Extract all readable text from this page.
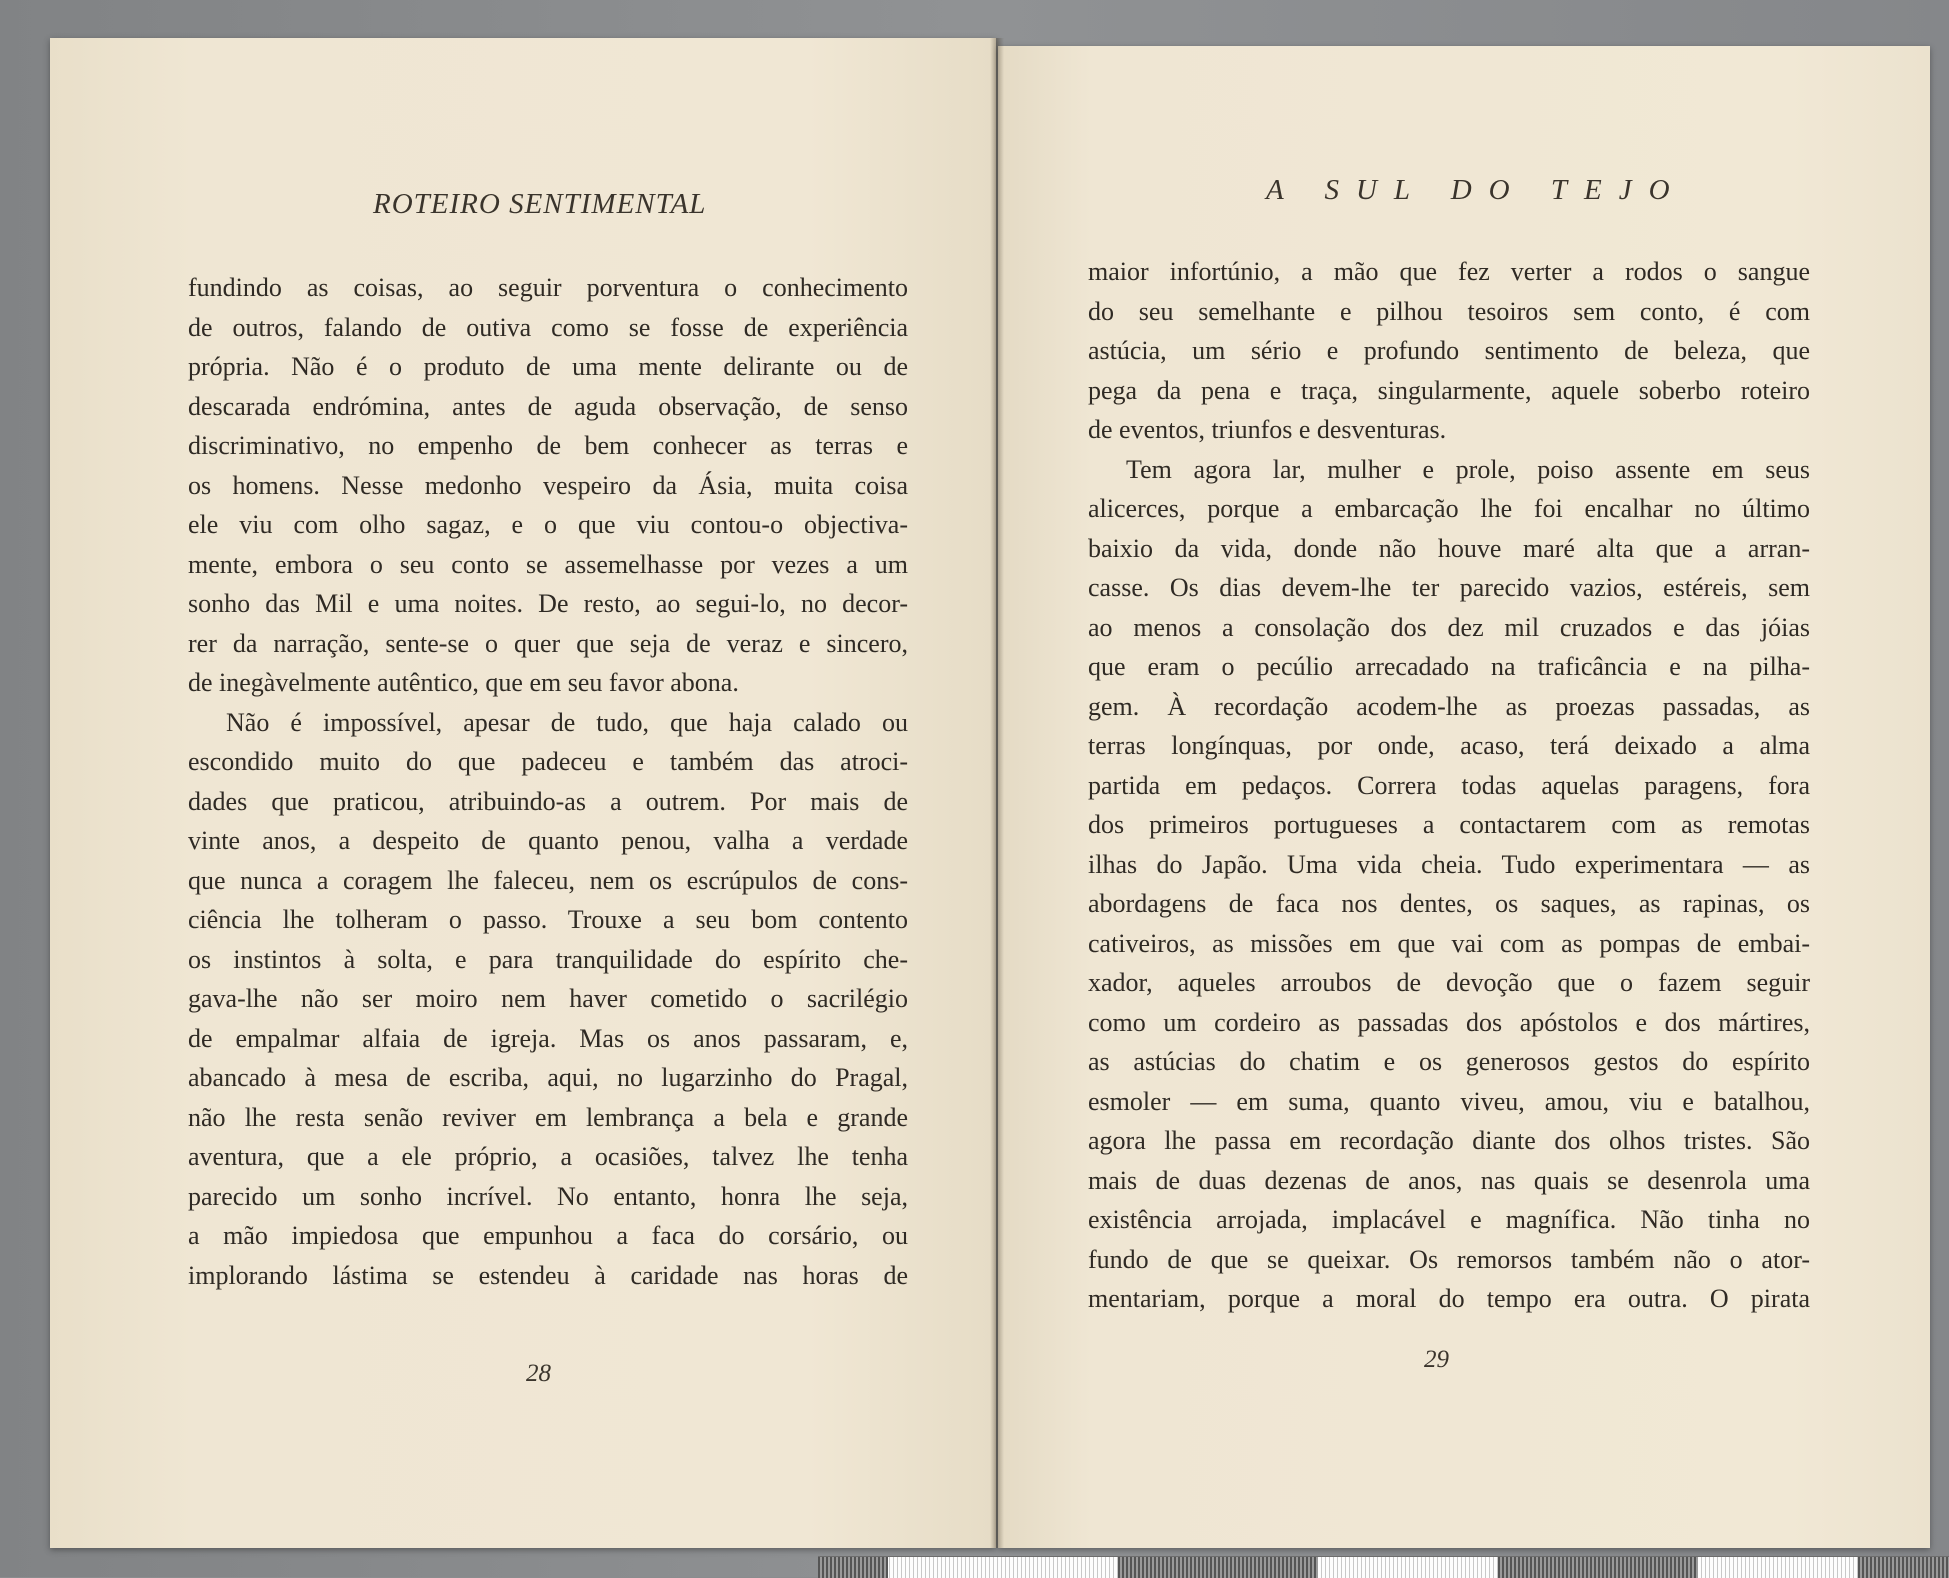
ROTEIRO SENTIMENTAL
fundindo as coisas, ao seguir porventura o conhecimento
de outros, falando de outiva como se fosse de experiência
própria. Não é o produto de uma mente delirante ou de
descarada endrómina, antes de aguda observação, de senso
discriminativo, no empenho de bem conhecer as terras e
os homens. Nesse medonho vespeiro da Ásia, muita coisa
ele viu com olho sagaz, e o que viu contou-o objectiva-
mente, embora o seu conto se assemelhasse por vezes a um
sonho das Mil e uma noites. De resto, ao segui-lo, no decor-
rer da narração, sente-se o quer que seja de veraz e sincero,
de inegàvelmente autêntico, que em seu favor abona.
Não é impossível, apesar de tudo, que haja calado ou
escondido muito do que padeceu e também das atroci-
dades que praticou, atribuindo-as a outrem. Por mais de
vinte anos, a despeito de quanto penou, valha a verdade
que nunca a coragem lhe faleceu, nem os escrúpulos de cons-
ciência lhe tolheram o passo. Trouxe a seu bom contento
os instintos à solta, e para tranquilidade do espírito che-
gava-lhe não ser moiro nem haver cometido o sacrilégio
de empalmar alfaia de igreja. Mas os anos passaram, e,
abancado à mesa de escriba, aqui, no lugarzinho do Pragal,
não lhe resta senão reviver em lembrança a bela e grande
aventura, que a ele próprio, a ocasiões, talvez lhe tenha
parecido um sonho incrível. No entanto, honra lhe seja,
a mão impiedosa que empunhou a faca do corsário, ou
implorando lástima se estendeu à caridade nas horas de
28
A SUL DO TEJO
maior infortúnio, a mão que fez verter a rodos o sangue
do seu semelhante e pilhou tesoiros sem conto, é com
astúcia, um sério e profundo sentimento de beleza, que
pega da pena e traça, singularmente, aquele soberbo roteiro
de eventos, triunfos e desventuras.
Tem agora lar, mulher e prole, poiso assente em seus
alicerces, porque a embarcação lhe foi encalhar no último
baixio da vida, donde não houve maré alta que a arran-
casse. Os dias devem-lhe ter parecido vazios, estéreis, sem
ao menos a consolação dos dez mil cruzados e das jóias
que eram o pecúlio arrecadado na traficância e na pilha-
gem. À recordação acodem-lhe as proezas passadas, as
terras longínquas, por onde, acaso, terá deixado a alma
partida em pedaços. Correra todas aquelas paragens, fora
dos primeiros portugueses a contactarem com as remotas
ilhas do Japão. Uma vida cheia. Tudo experimentara — as
abordagens de faca nos dentes, os saques, as rapinas, os
cativeiros, as missões em que vai com as pompas de embai-
xador, aqueles arroubos de devoção que o fazem seguir
como um cordeiro as passadas dos apóstolos e dos mártires,
as astúcias do chatim e os generosos gestos do espírito
esmoler — em suma, quanto viveu, amou, viu e batalhou,
agora lhe passa em recordação diante dos olhos tristes. São
mais de duas dezenas de anos, nas quais se desenrola uma
existência arrojada, implacável e magnífica. Não tinha no
fundo de que se queixar. Os remorsos também não o ator-
mentariam, porque a moral do tempo era outra. O pirata
29
